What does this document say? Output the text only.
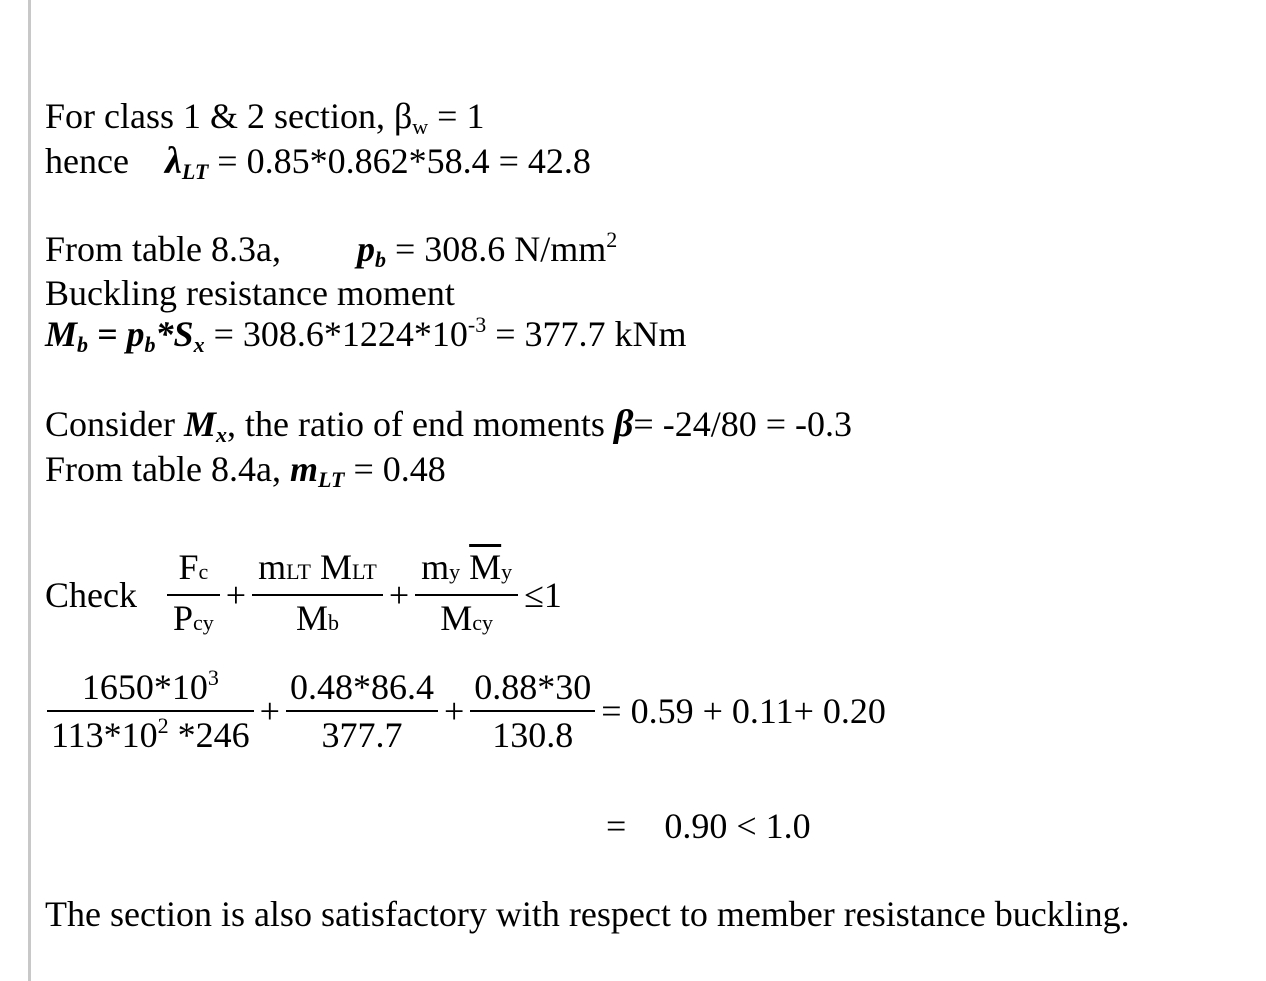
For class 1 & 2 section, $\beta_w = 1$
hence $\lambda_{LT} = 0.85*0.862*58.4 = 42.8$
From table 8.3a, $p_b = 308.6$ $N/mm^2$
Buckling resistance moment
$M_b = p_b*S_x = 308.6*1224*10^{-3} = 377.7$ kNm
Consider $M_x$, the ratio of end moments β= -24/80 = -0.3
From table 8.4a, $m_{LT} = 0.48$
Check $\frac{Fc}{\text{Pcy}} + \frac{\text{mLT MLT}}{Mb} + \frac{my \overline{M}y}{\text{Mcy}} \le 1$
$\frac{1650*10^3}{113*10^2 *246} + \frac{0.48*86.4}{377.7} + \frac{0.88*30}{130.8} = 0.59 + 0.11+ 0.20$
= 0.90 < 1.0
The section is also satisfactory with respect to member resistance buckling.
